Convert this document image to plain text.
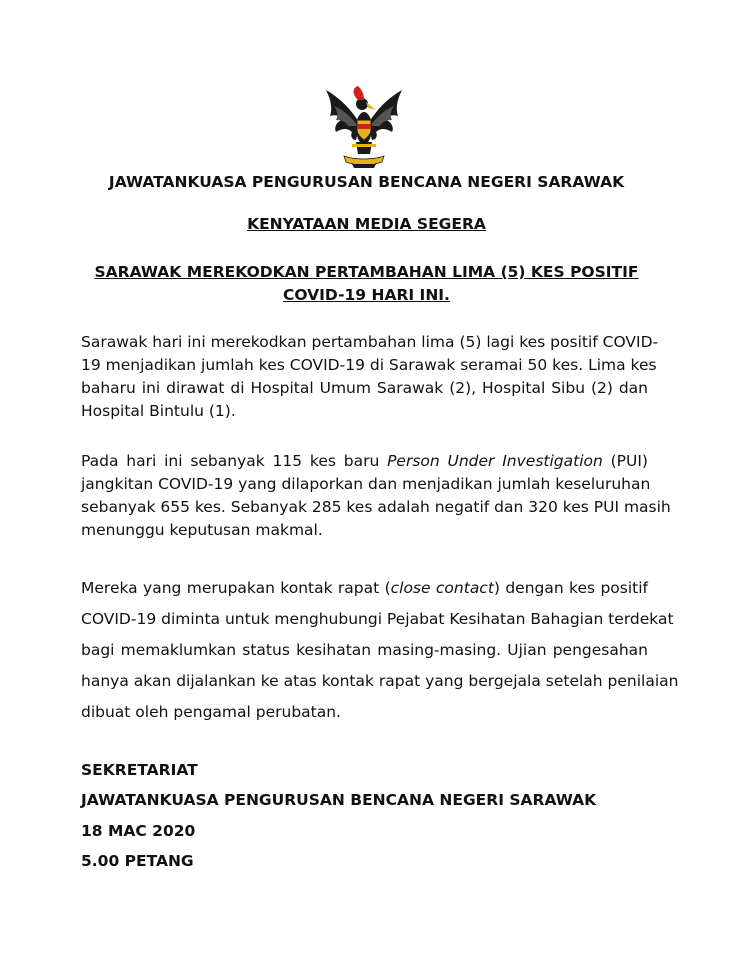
JAWATANKUASA PENGURUSAN BENCANA NEGERI SARAWAK

KENYATAAN MEDIA SEGERA

SARAWAK MEREKODKAN PERTAMBAHAN LIMA (5) KES POSITIF
COVID-19 HARI INI.

Sarawak hari ini merekodkan pertambahan lima (5) lagi kes positif COVID-
19 menjadikan jumlah kes COVID-19 di Sarawak seramai 50 kes. Lima kes
baharu ini dirawat di Hospital Umum Sarawak (2), Hospital Sibu (2) dan
Hospital Bintulu (1).
Pada hari ini sebanyak 115 kes baru Person Under Investigation (PUI)
jangkitan COVID-19 yang dilaporkan dan menjadikan jumlah keseluruhan
sebanyak 655 kes. Sebanyak 285 kes adalah negatif dan 320 kes PUI masih
menunggu keputusan makmal.
Mereka yang merupakan kontak rapat (close contact) dengan kes positif
COVID-19 diminta untuk menghubungi Pejabat Kesihatan Bahagian terdekat
bagi memaklumkan status kesihatan masing-masing. Ujian pengesahan
hanya akan dijalankan ke atas kontak rapat yang bergejala setelah penilaian
dibuat oleh pengamal perubatan.

SEKRETARIAT

JAWATANKUASA PENGURUSAN BENCANA NEGERI SARAWAK

18 MAC 2020

5.00 PETANG
